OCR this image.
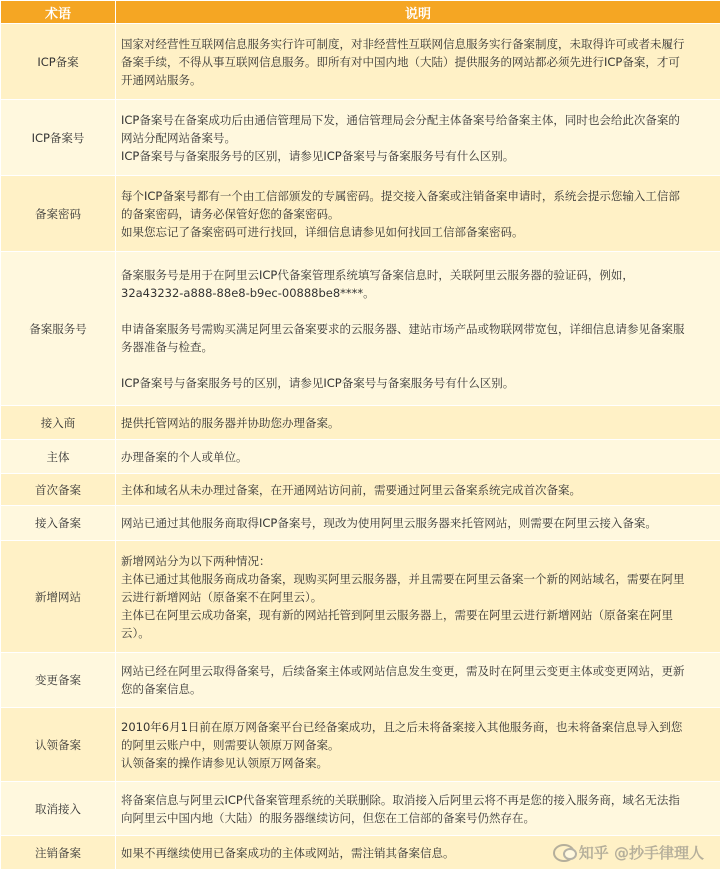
术语	说明
ICP备案	国家对经营性互联网信息服务实行许可制度，对非经营性互联网信息服务实行备案制度，未取得许可或者未履行
备案手续，不得从事互联网信息服务。即所有对中国内地（大陆）提供服务的网站都必须先进行ICP备案，才可
开通网站服务。

ICP备案号	ICP备案号在备案成功后由通信管理局下发，通信管理局会分配主体备案号给备案主体，同时也会给此次备案的
网站分配网站备案号。
ICP备案号与备案服务号的区别，请参见ICP备案号与备案服务号有什么区别。

备案密码	每个ICP备案号都有一个由工信部颁发的专属密码。提交接入备案或注销备案申请时，系统会提示您输入工信部
的备案密码，请务必保管好您的备案密码。
如果您忘记了备案密码可进行找回，详细信息请参见如何找回工信部备案密码。

备案服务号	备案服务号是用于在阿里云ICP代备案管理系统填写备案信息时，关联阿里云服务器的验证码，例如，
32a43232-a888-88e8-b9ec-00888be8****。
申请备案服务号需购买满足阿里云备案要求的云服务器、建站市场产品或物联网带宽包，详细信息请参见备案服
务器准备与检查。
ICP备案号与备案服务号的区别，请参见ICP备案号与备案服务号有什么区别。

接入商	提供托管网站的服务器并协助您办理备案。

主体	办理备案的个人或单位。

首次备案	主体和域名从未办理过备案，在开通网站访问前，需要通过阿里云备案系统完成首次备案。

接入备案	网站已通过其他服务商取得ICP备案号，现改为使用阿里云服务器来托管网站，则需要在阿里云接入备案。

新增网站	新增网站分为以下两种情况：
主体已通过其他服务商成功备案，现购买阿里云服务器，并且需要在阿里云备案一个新的网站域名，需要在阿里
云进行新增网站（原备案不在阿里云）。
主体已在阿里云成功备案，现有新的网站托管到阿里云服务器上，需要在阿里云进行新增网站（原备案在阿里
云）。

变更备案	网站已经在阿里云取得备案号，后续备案主体或网站信息发生变更，需及时在阿里云变更主体或变更网站，更新
您的备案信息。

认领备案	2010年6月1日前在原万网备案平台已经备案成功，且之后未将备案接入其他服务商，也未将备案信息导入到您
的阿里云账户中，则需要认领原万网备案。
认领备案的操作请参见认领原万网备案。

取消接入	将备案信息与阿里云ICP代备案管理系统的关联删除。取消接入后阿里云将不再是您的接入服务商，域名无法指
向阿里云中国内地（大陆）的服务器继续访问，但您在工信部的备案号仍然存在。

注销备案	如果不再继续使用已备案成功的主体或网站，需注销其备案信息。	知乎 @抄手律理人
